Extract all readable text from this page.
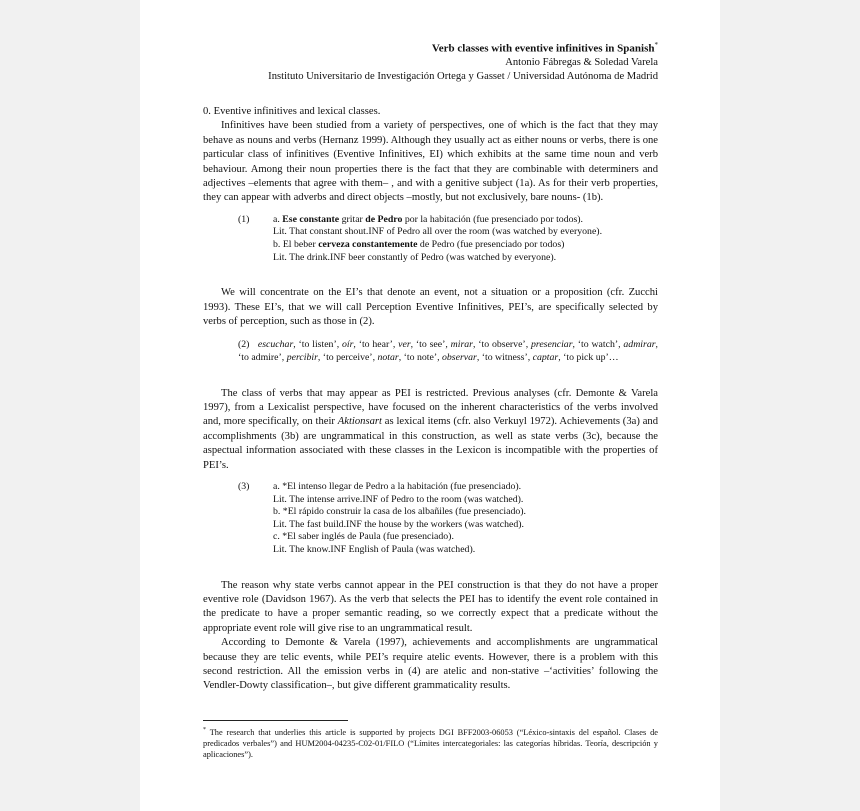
Verb classes with eventive infinitives in Spanish*
Antonio Fábregas & Soledad Varela
Instituto Universitario de Investigación Ortega y Gasset / Universidad Autónoma de Madrid

0. Eventive infinitives and lexical classes.

Infinitives have been studied from a variety of perspectives, one of which is the fact that they may behave as nouns and verbs (Hernanz 1999). Although they usually act as either nouns or verbs, there is one particular class of infinitives (Eventive Infinitives, EI) which exhibits at the same time noun and verb behaviour. Among their noun properties there is the fact that they are combinable with determiners and adjectives –elements that agree with them– , and with a genitive subject (1a). As for their verb properties, they can appear with adverbs and direct objects –mostly, but not exclusively, bare nouns- (1b).

(1)	a. Ese constante gritar de Pedro por la habitación (fue presenciado por todos).
Lit. That constant shout.INF of Pedro all over the room (was watched by everyone).
b. El beber cerveza constantemente de Pedro (fue presenciado por todos)
Lit. The drink.INF beer constantly of Pedro (was watched by everyone).

We will concentrate on the EI’s that denote an event, not a situation or a proposition (cfr. Zucchi 1993). These EI’s, that we will call Perception Eventive Infinitives, PEI’s, are specifically selected by verbs of perception, such as those in (2).

(2) escuchar, ‘to listen’, oír, ‘to hear’, ver, ‘to see’, mirar, ‘to observe’, presenciar, ‘to watch’, admirar, ‘to admire’, percibir, ‘to perceive’, notar, ‘to note’, observar, ‘to witness’, captar, ‘to pick up’…

The class of verbs that may appear as PEI is restricted. Previous analyses (cfr. Demonte & Varela 1997), from a Lexicalist perspective, have focused on the inherent characteristics of the verbs involved and, more specifically, on their Aktionsart as lexical items (cfr. also Verkuyl 1972). Achievements (3a) and accomplishments (3b) are ungrammatical in this construction, as well as state verbs (3c), because the aspectual information associated with these classes in the Lexicon is incompatible with the properties of PEI’s.

(3)	a. *El intenso llegar de Pedro a la habitación (fue presenciado).
Lit. The intense arrive.INF of Pedro to the room (was watched).
b. *El rápido construir la casa de los albañiles (fue presenciado).
Lit. The fast build.INF the house by the workers (was watched).
c. *El saber inglés de Paula (fue presenciado).
Lit. The know.INF English of Paula (was watched).

The reason why state verbs cannot appear in the PEI construction is that they do not have a proper eventive role (Davidson 1967). As the verb that selects the PEI has to identify the event role contained in the predicate to have a proper semantic reading, so we correctly expect that a predicate without the appropriate event role will give rise to an ungrammatical result.

According to Demonte & Varela (1997), achievements and accomplishments are ungrammatical because they are telic events, while PEI’s require atelic events. However, there is a problem with this second restriction. All the emission verbs in (4) are atelic and non-stative –‘activities’ following the Vendler-Dowty classification–, but give different grammaticality results.

* The research that underlies this article is supported by projects DGI BFF2003-06053 (“Léxico-sintaxis del español. Clases de predicados verbales”) and HUM2004-04235-C02-01/FILO (“Límites intercategoriales: las categorías híbridas. Teoría, descripción y aplicaciones”).
